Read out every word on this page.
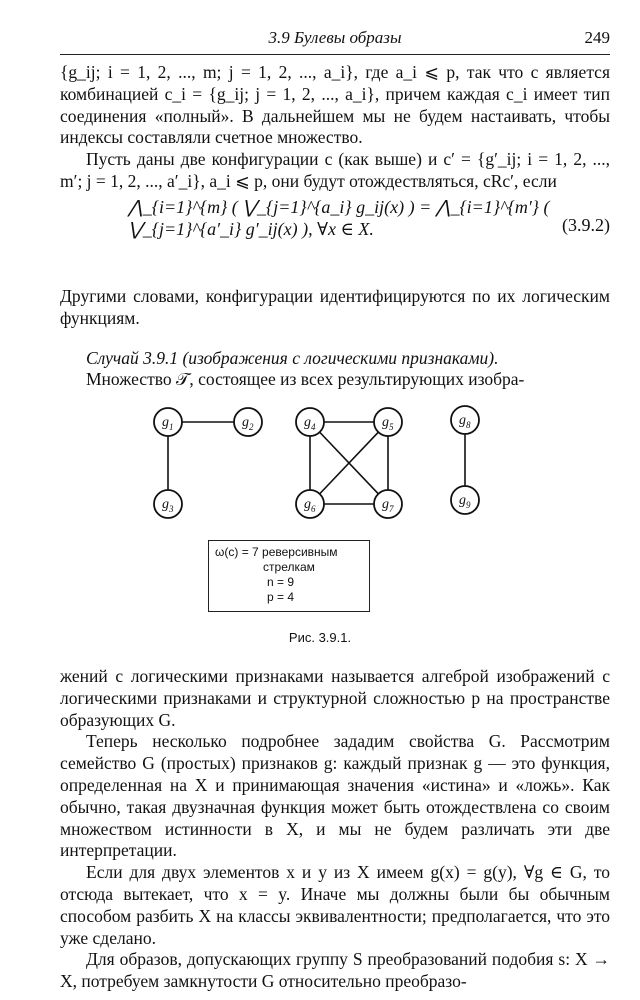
3.9 Булевы образы	249

{g_ij; i = 1, 2, ..., m; j = 1, 2, ..., a_i}, где a_i ⩽ p, так что c является комбинацией c_i = {g_ij; j = 1, 2, ..., a_i}, причем каждая c_i имеет тип соединения «полный». В дальнейшем мы не будем настаивать, чтобы индексы составляли счетное множество.

Пусть даны две конфигурации c (как выше) и c′ = {g′_ij; i = 1, 2, ..., m′; j = 1, 2, ..., a′_i}, a_i ⩽ p, они будут отождествляться, cRc′, если

⋀_{i=1}^{m} ( ⋁_{j=1}^{a_i} g_ij(x) ) = ⋀_{i=1}^{m′} ( ⋁_{j=1}^{a′_i} g′_ij(x) ), ∀x ∈ X.	(3.9.2)

Другими словами, конфигурации идентифицируются по их логическим функциям.

Случай 3.9.1 (изображения с логическими признаками).

Множество 𝒯, состоящее из всех результирующих изобра-

$g_1$	$g_2$
$g_3$
$g_4$	$g_5$
$g_6$	$g_7$
$g_8$
$g_9$
ω(c) = 7 реверсивным
стрелкам
n = 9
p = 4
Рис. 3.9.1.

жений с логическими признаками называется алгеброй изображений с логическими признаками и структурной сложностью p на пространстве образующих G.

Теперь несколько подробнее зададим свойства G. Рассмотрим семейство G (простых) признаков g: каждый признак g — это функция, определенная на X и принимающая значения «истина» и «ложь». Как обычно, такая двузначная функция может быть отождествлена со своим множеством истинности в X, и мы не будем различать эти две интерпретации.

Если для двух элементов x и y из X имеем g(x) = g(y), ∀g ∈ G, то отсюда вытекает, что x = y. Иначе мы должны были бы обычным способом разбить X на классы эквивалентности; предполагается, что это уже сделано.

Для образов, допускающих группу S преобразований подобия s: X → X, потребуем замкнутости G относительно преобразо-
